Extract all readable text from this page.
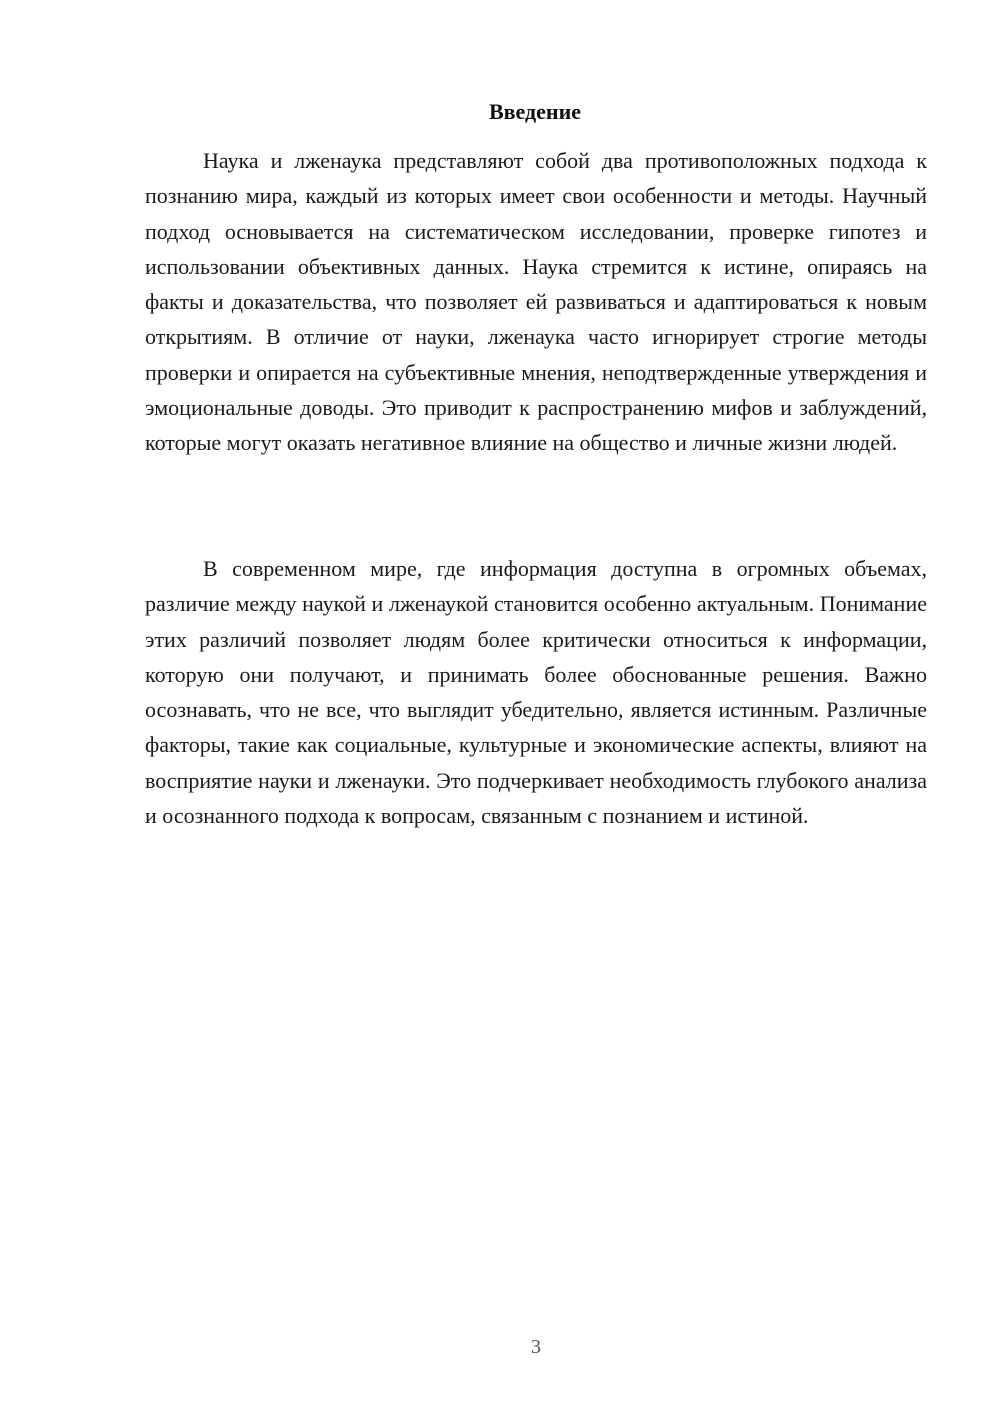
Введение

Наука и лженаука представляют собой два противоположных подхода к познанию мира, каждый из которых имеет свои особенности и методы. Научный подход основывается на систематическом исследовании, проверке гипотез и использовании объективных данных. Наука стремится к истине, опираясь на факты и доказательства, что позволяет ей развиваться и адаптироваться к новым открытиям. В отличие от науки, лженаука часто игнорирует строгие методы проверки и опирается на субъективные мнения, неподтвержденные утверждения и эмоциональные доводы. Это приводит к распространению мифов и заблуждений, которые могут оказать негативное влияние на общество и личные жизни людей.

В современном мире, где информация доступна в огромных объемах, различие между наукой и лженаукой становится особенно актуальным. Понимание этих различий позволяет людям более критически относиться к информации, которую они получают, и принимать более обоснованные решения. Важно осознавать, что не все, что выглядит убедительно, является истинным. Различные факторы, такие как социальные, культурные и экономические аспекты, влияют на восприятие науки и лженауки. Это подчеркивает необходимость глубокого анализа и осознанного подхода к вопросам, связанным с познанием и истиной.

3
